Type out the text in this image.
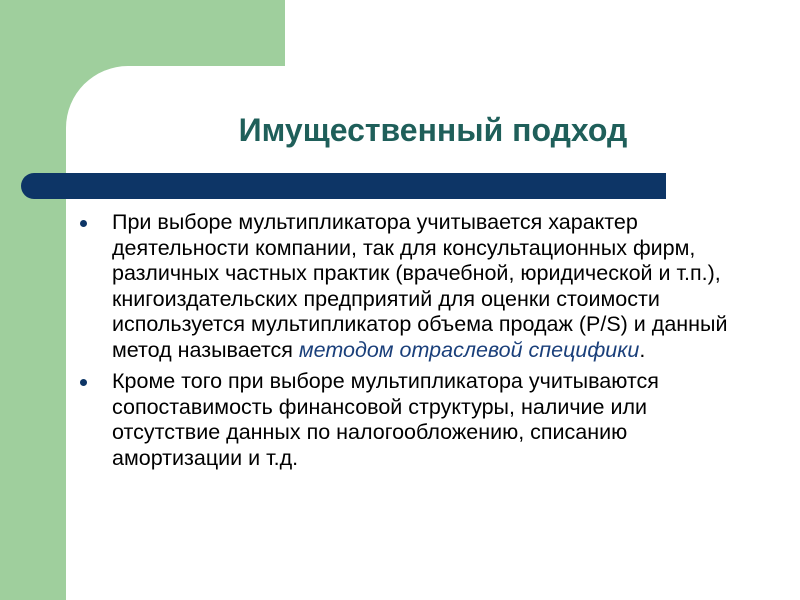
Имущественный подход
При выборе мультипликатора учитывается характер деятельности компании, так для консультационных фирм, различных частных практик (врачебной, юридической и т.п.), книгоиздательских предприятий для оценки стоимости используется мультипликатор объема продаж (P/S) и данный метод называется методом отраслевой специфики.
Кроме того при выборе мультипликатора учитываются сопоставимость финансовой структуры, наличие или отсутствие данных по налогообложению, списанию амортизации и т.д.
